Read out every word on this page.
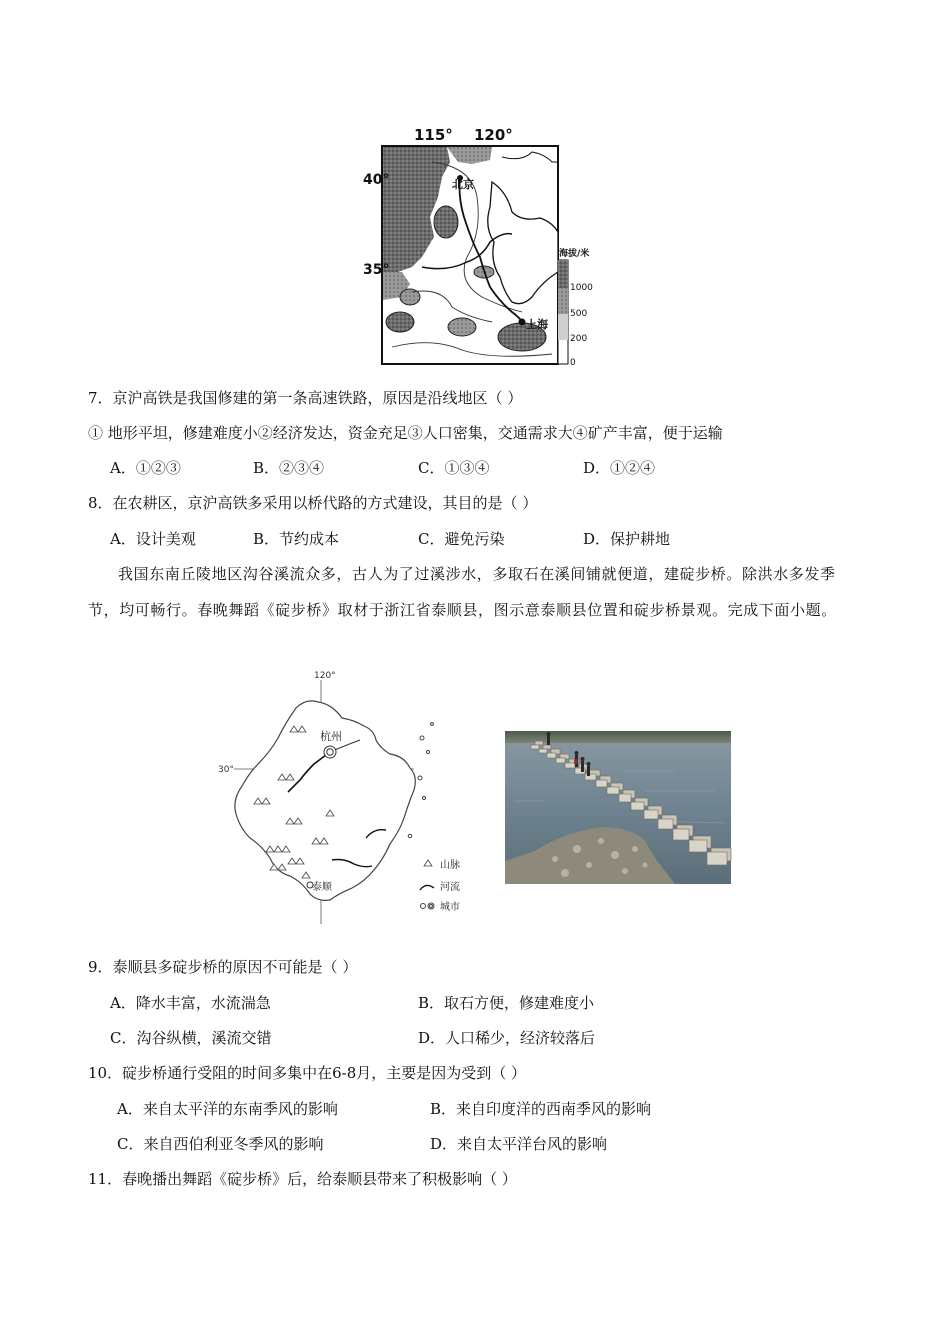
115° 120°
40°
35°
北京
上海
海拔/米
1000
500
200
0
7．京沪高铁是我国修建的第一条高速铁路，原因是沿线地区（ ）
① 地形平坦，修建难度小②经济发达，资金充足③人口密集，交通需求大④矿产丰富，便于运输
A．①②③	B．②③④	C．①③④	D．①②④
8．在农耕区，京沪高铁多采用以桥代路的方式建设，其目的是（ ）
A．设计美观	B．节约成本	C．避免污染	D．保护耕地
我国东南丘陵地区沟谷溪流众多，古人为了过溪涉水，多取石在溪间铺就便道，建碇步桥。除洪水多发季节，均可畅行。春晚舞蹈《碇步桥》取材于浙江省泰顺县，图示意泰顺县位置和碇步桥景观。完成下面小题。
120°
30°
杭州
泰顺
山脉
河流
城市
9．泰顺县多碇步桥的原因不可能是（ ）
A．降水丰富，水流湍急	B．取石方便，修建难度小
C．沟谷纵横，溪流交错	D．人口稀少，经济较落后
10．碇步桥通行受阻的时间多集中在6-8月，主要是因为受到（ ）
A．来自太平洋的东南季风的影响	B．来自印度洋的西南季风的影响
C．来自西伯利亚冬季风的影响	D．来自太平洋台风的影响
11．春晚播出舞蹈《碇步桥》后，给泰顺县带来了积极影响（ ）
